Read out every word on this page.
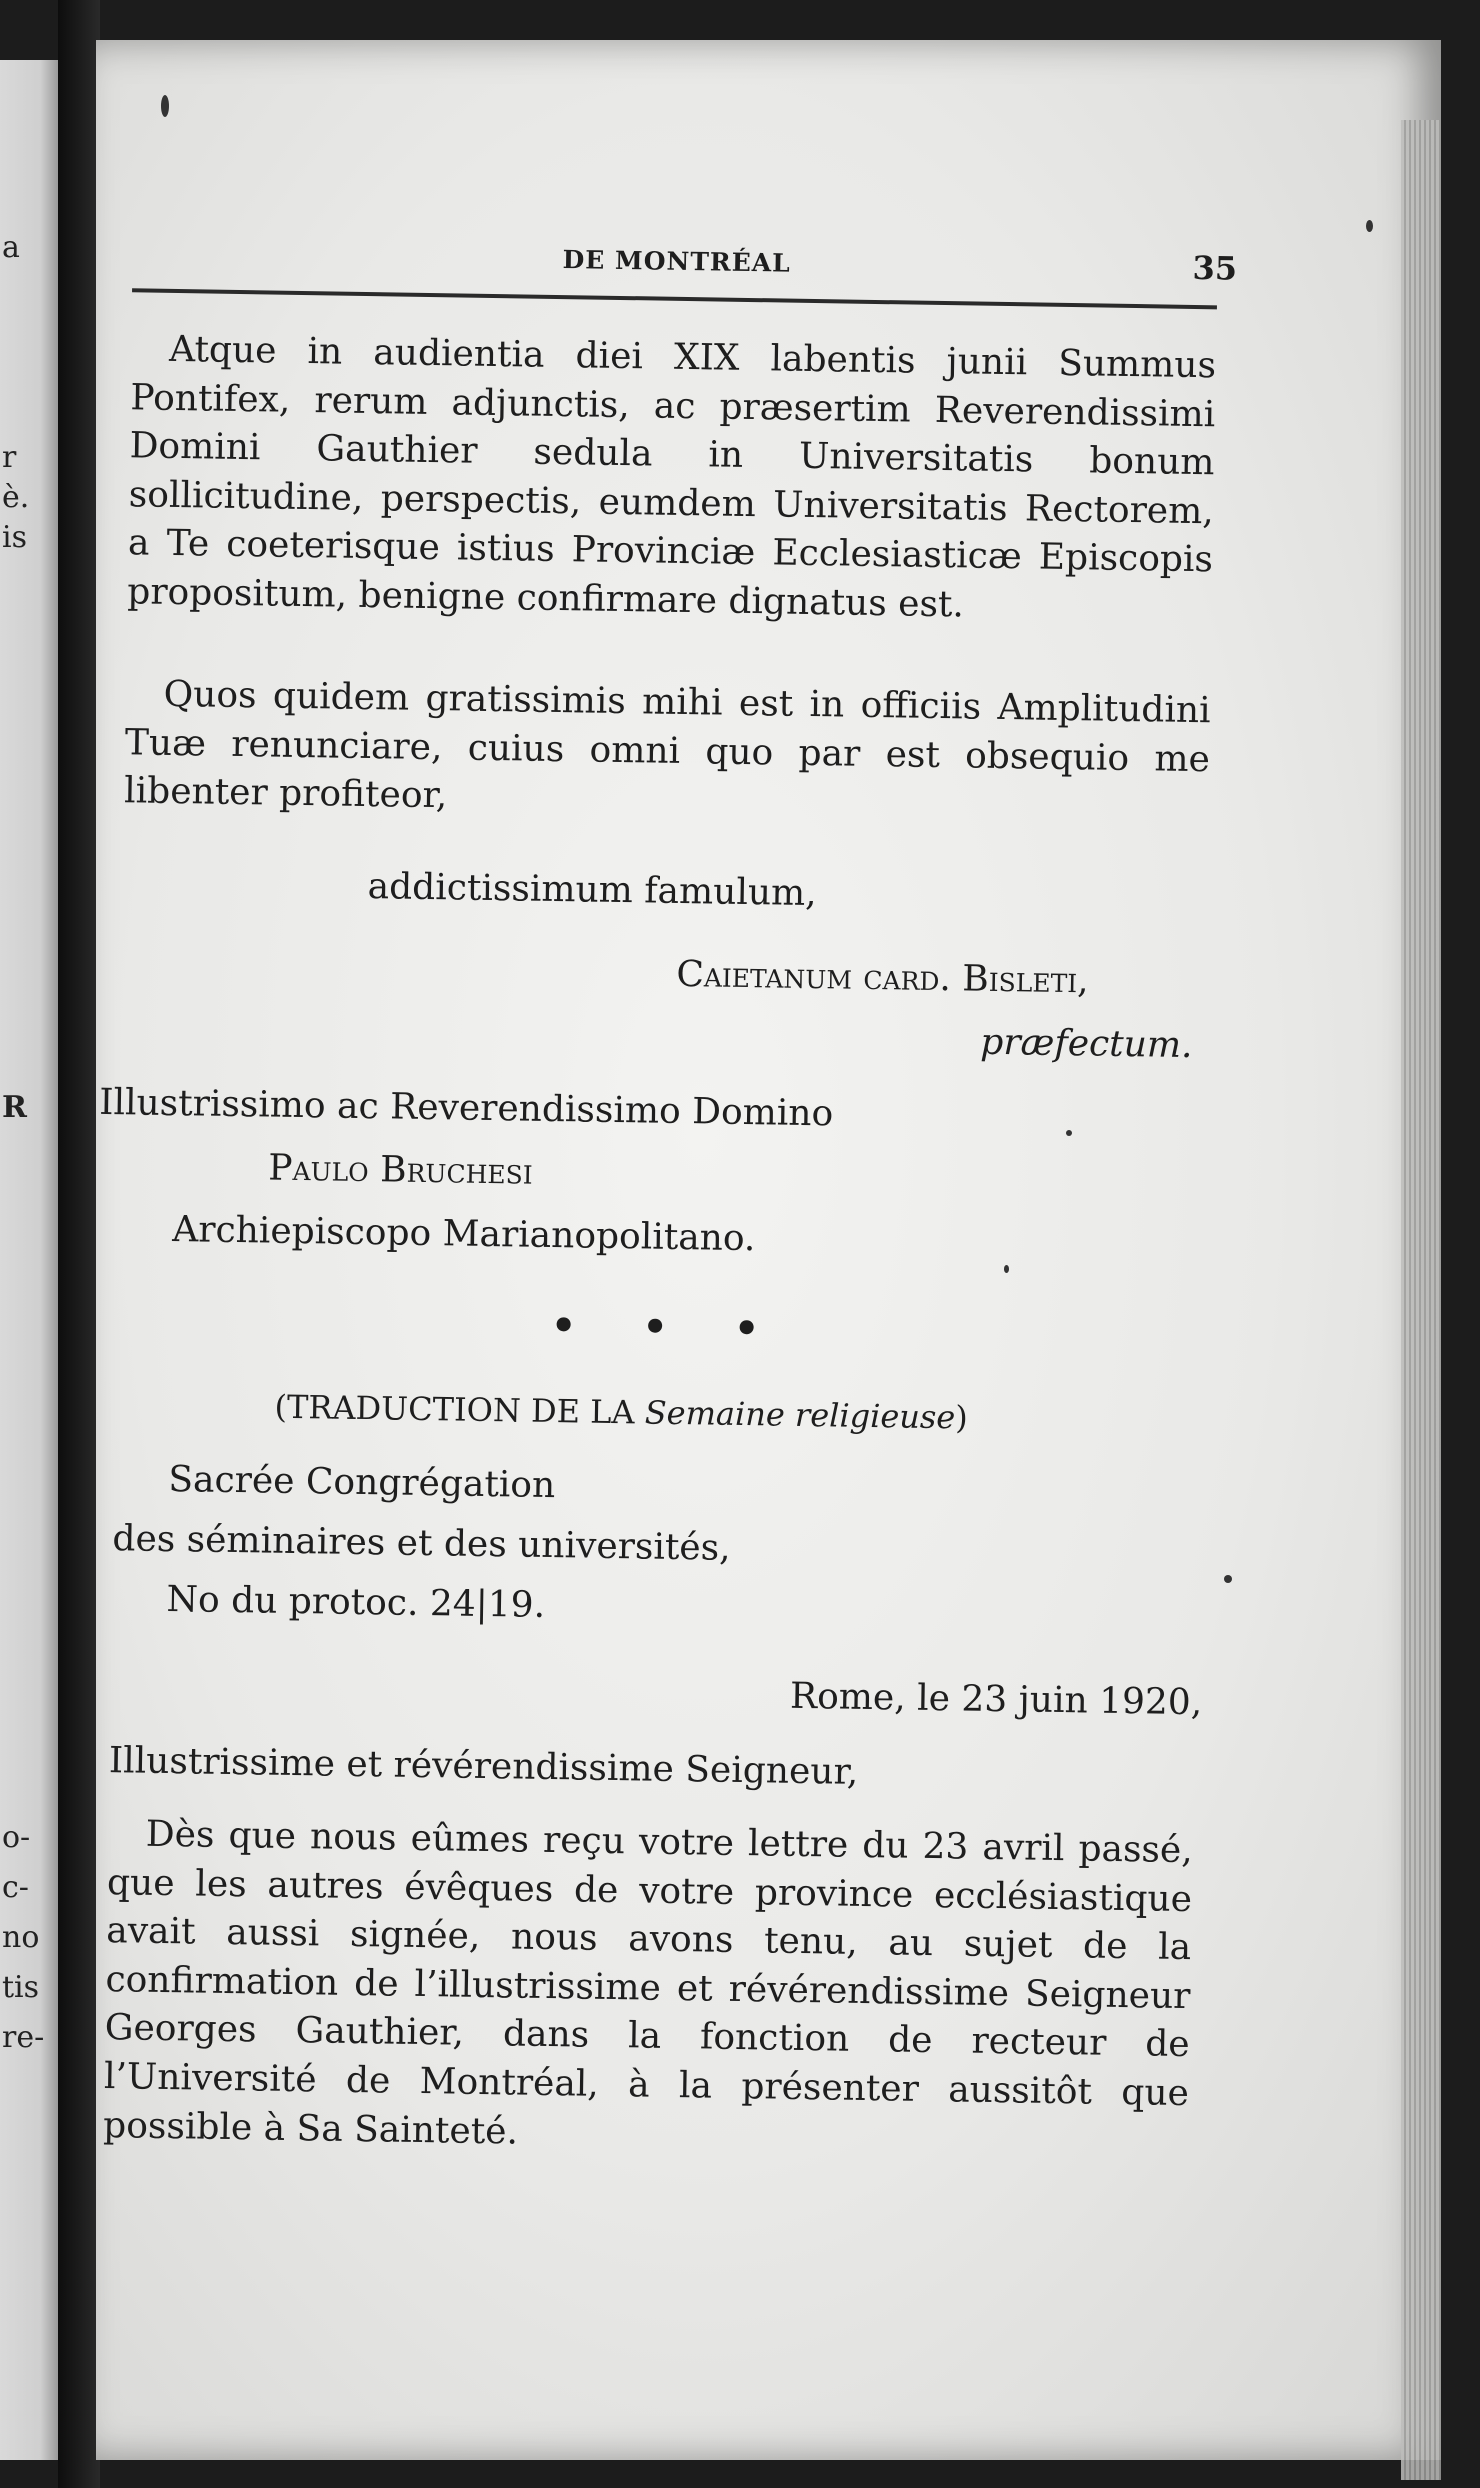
a
r
è.
is
R
o-
c-
no
tis
re-
DE MONTRÉAL	35
Atque in audientia diei XIX labentis junii Summus Pontifex, rerum adjunctis, ac præsertim Reverendissimi Domini Gauthier sedula in Universitatis bonum sollicitudine, perspectis, eumdem Universitatis Rectorem, a Te coeterisque istius Provinciæ Ecclesiasticæ Episcopis propositum, benigne confirmare dignatus est.
Quos quidem gratissimis mihi est in officiis Amplitudini Tuæ renunciare, cuius omni quo par est obsequio me libenter profiteor,
addictissimum famulum,
Caietanum card. Bisleti,
præfectum.
Illustrissimo ac Reverendissimo Domino
Paulo Bruchesi
Archiepiscopo Marianopolitano.
• • •
(TRADUCTION DE LA Semaine religieuse)
Sacrée Congrégation
des séminaires et des universités,
No du protoc. 24|19.
Rome, le 23 juin 1920,
Illustrissime et révérendissime Seigneur,
Dès que nous eûmes reçu votre lettre du 23 avril passé, que les autres évêques de votre province ecclésiastique avait aussi signée, nous avons tenu, au sujet de la confirmation de l’illustrissime et révérendissime Seigneur Georges Gauthier, dans la fonction de recteur de l’Université de Montréal, à la présenter aussitôt que possible à Sa Sainteté.
